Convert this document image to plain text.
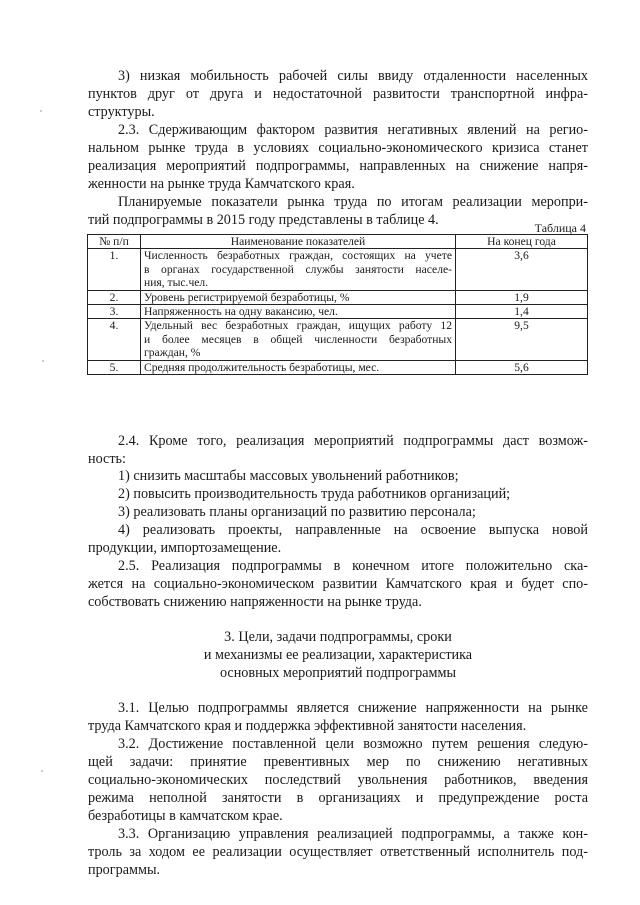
3) низкая мобильность рабочей силы ввиду отдаленности населенных
пунктов друг от друга и недостаточной развитости транспортной инфра-
структуры.
2.3. Сдерживающим фактором развития негативных явлений на регио-
нальном рынке труда в условиях социально-экономического кризиса станет
реализация мероприятий подпрограммы, направленных на снижение напря-
женности на рынке труда Камчатского края.
Планируемые показатели рынка труда по итогам реализации меропри-
тий подпрограммы в 2015 году представлены в таблице 4.	Таблица 4
№ п/п	Наименование показателей	На конец года
1.	Численность безработных граждан, состоящих на учете
в органах государственной службы занятости населе-
ния, тыс.чел.	3,6
2.	Уровень регистрируемой безработицы, %	1,9
3.	Напряженность на одну вакансию, чел.	1,4
4.	Удельный вес безработных граждан, ищущих работу 12
и более месяцев в общей численности безработных
граждан, %	9,5
5.	Средняя продолжительность безработицы, мес.	5,6
2.4. Кроме того, реализация мероприятий подпрограммы даст возмож-
ность:
1) снизить масштабы массовых увольнений работников;
2) повысить производительность труда работников организаций;
3) реализовать планы организаций по развитию персонала;
4) реализовать проекты, направленные на освоение выпуска новой
продукции, импортозамещение.
2.5. Реализация подпрограммы в конечном итоге положительно ска-
жется на социально-экономическом развитии Камчатского края и будет спо-
собствовать снижению напряженности на рынке труда.
3. Цели, задачи подпрограммы, сроки
и механизмы ее реализации, характеристика
основных мероприятий подпрограммы
3.1. Целью подпрограммы является снижение напряженности на рынке
труда Камчатского края и поддержка эффективной занятости населения.
3.2. Достижение поставленной цели возможно путем решения следую-
щей задачи: принятие превентивных мер по снижению негативных
социально-экономических последствий увольнения работников, введения
режима неполной занятости в организациях и предупреждение роста
безработицы в камчатском крае.
3.3. Организацию управления реализацией подпрограммы, а также кон-
троль за ходом ее реализации осуществляет ответственный исполнитель под-
программы.
